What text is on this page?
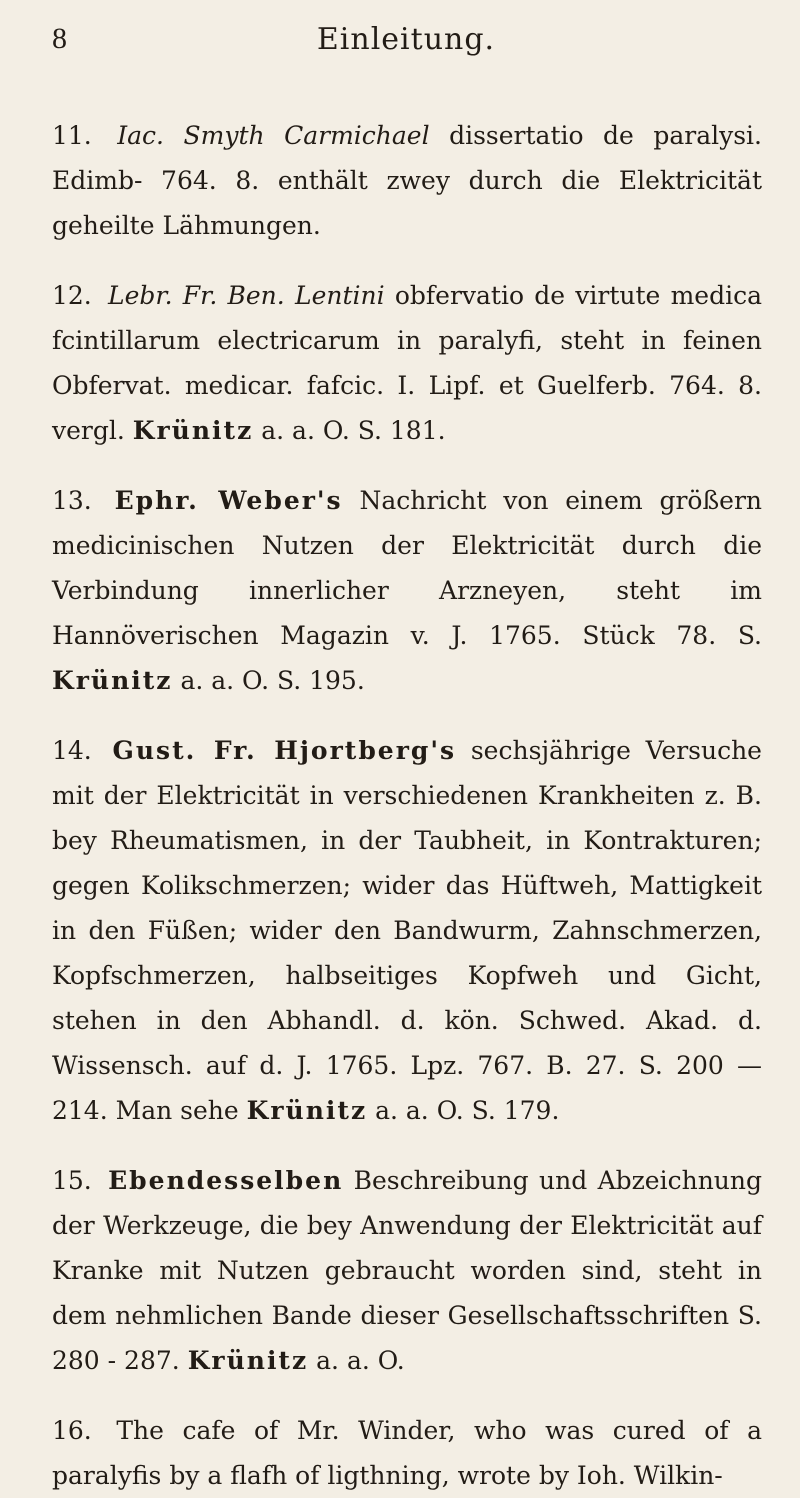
8	Einleitung.

11. Iac. Smyth Carmichael dissertatio de paralysi. Edimb- 764. 8. enthält zwey durch die Elektricität geheilte Lähmungen.

12. Lebr. Fr. Ben. Lentini obfervatio de virtute medica fcintillarum electricarum in paralyfi, steht in feinen Obfervat. medicar. fafcic. I. Lipf. et Guelferb. 764. 8. vergl. Krünitz a. a. O. S. 181.

13. Ephr. Weber's Nachricht von einem größern medicinischen Nutzen der Elektricität durch die Verbindung innerlicher Arzneyen, steht im Hannöverischen Magazin v. J. 1765. Stück 78. S. Krünitz a. a. O. S. 195.

14. Gust. Fr. Hjortberg's sechsjährige Versuche mit der Elektricität in verschiedenen Krankheiten z. B. bey Rheumatismen, in der Taubheit, in Kontrakturen; gegen Kolikschmerzen; wider das Hüftweh, Mattigkeit in den Füßen; wider den Bandwurm, Zahnschmerzen, Kopfschmerzen, halbseitiges Kopfweh und Gicht, stehen in den Abhandl. d. kön. Schwed. Akad. d. Wissensch. auf d. J. 1765. Lpz. 767. B. 27. S. 200 — 214. Man sehe Krünitz a. a. O. S. 179.

15. Ebendesselben Beschreibung und Abzeichnung der Werkzeuge, die bey Anwendung der Elektricität auf Kranke mit Nutzen gebraucht worden sind, steht in dem nehmlichen Bande dieser Gesellschaftsschriften S. 280 - 287. Krünitz a. a. O.

16. The cafe of Mr. Winder, who was cured of a paralyfis by a flafh of ligthning, wrote by Ioh. Wilkin-
